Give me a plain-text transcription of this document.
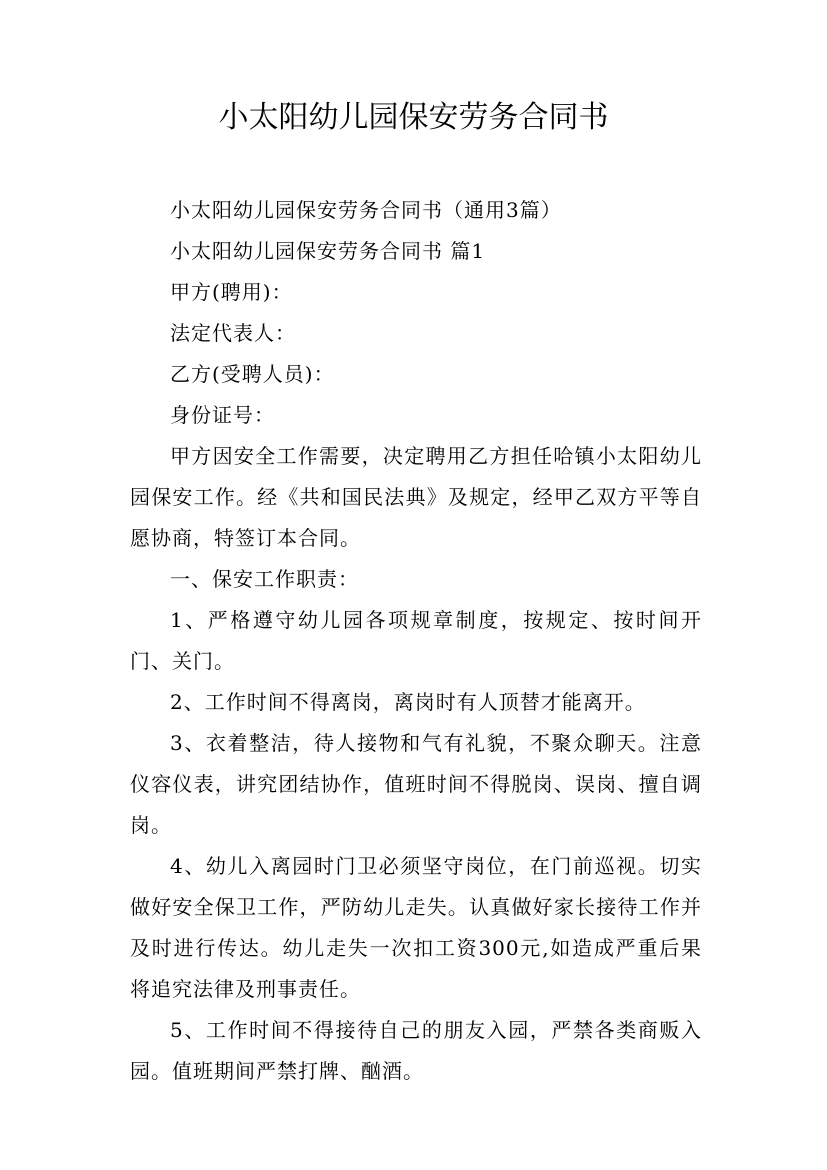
小太阳幼儿园保安劳务合同书

小太阳幼儿园保安劳务合同书（通用3篇）

小太阳幼儿园保安劳务合同书 篇1

甲方(聘用)：

法定代表人：

乙方(受聘人员)：

身份证号：

甲方因安全工作需要，决定聘用乙方担任哈镇小太阳幼儿园保安工作。经《共和国民法典》及规定，经甲乙双方平等自愿协商，特签订本合同。

一、保安工作职责：

1、严格遵守幼儿园各项规章制度，按规定、按时间开门、关门。

2、工作时间不得离岗，离岗时有人顶替才能离开。

3、衣着整洁，待人接物和气有礼貌，不聚众聊天。注意仪容仪表，讲究团结协作，值班时间不得脱岗、误岗、擅自调岗。

4、幼儿入离园时门卫必须坚守岗位，在门前巡视。切实做好安全保卫工作，严防幼儿走失。认真做好家长接待工作并及时进行传达。幼儿走失一次扣工资300元,如造成严重后果将追究法律及刑事责任。

5、工作时间不得接待自己的朋友入园，严禁各类商贩入园。值班期间严禁打牌、酗酒。
